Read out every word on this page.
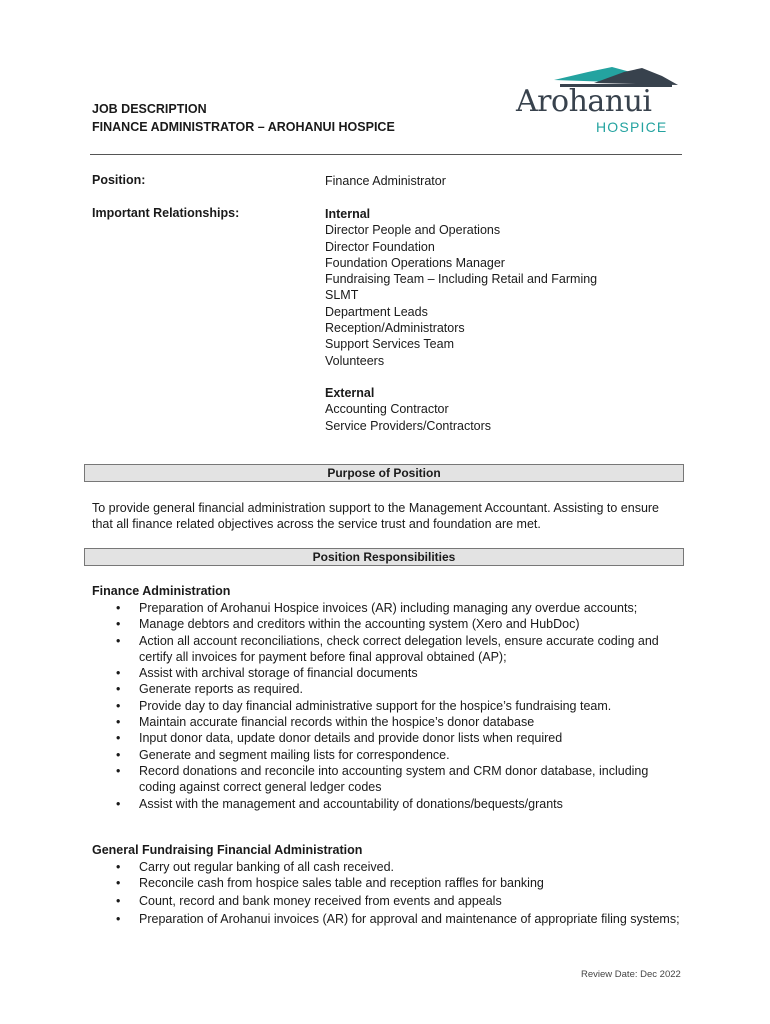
JOB DESCRIPTION
FINANCE ADMINISTRATOR – AROHANUI HOSPICE
Arohanui
HOSPICE
Position:	Finance Administrator
Important Relationships:	Internal
Director People and Operations
Director Foundation
Foundation Operations Manager
Fundraising Team – Including Retail and Farming
SLMT
Department Leads
Reception/Administrators
Support Services Team
Volunteers
External
Accounting Contractor
Service Providers/Contractors
Purpose of Position
To provide general financial administration support to the Management Accountant. Assisting to ensure that all finance related objectives across the service trust and foundation are met.
Position Responsibilities
Finance Administration
• Preparation of Arohanui Hospice invoices (AR) including managing any overdue accounts;
• Manage debtors and creditors within the accounting system (Xero and HubDoc)
• Action all account reconciliations, check correct delegation levels, ensure accurate coding and certify all invoices for payment before final approval obtained (AP);
• Assist with archival storage of financial documents
• Generate reports as required.
• Provide day to day financial administrative support for the hospice’s fundraising team.
• Maintain accurate financial records within the hospice’s donor database
• Input donor data, update donor details and provide donor lists when required
• Generate and segment mailing lists for correspondence.
• Record donations and reconcile into accounting system and CRM donor database, including coding against correct general ledger codes
• Assist with the management and accountability of donations/bequests/grants
General Fundraising Financial Administration
• Carry out regular banking of all cash received.
• Reconcile cash from hospice sales table and reception raffles for banking
• Count, record and bank money received from events and appeals
• Preparation of Arohanui invoices (AR) for approval and maintenance of appropriate filing systems;
Review Date: Dec 2022
